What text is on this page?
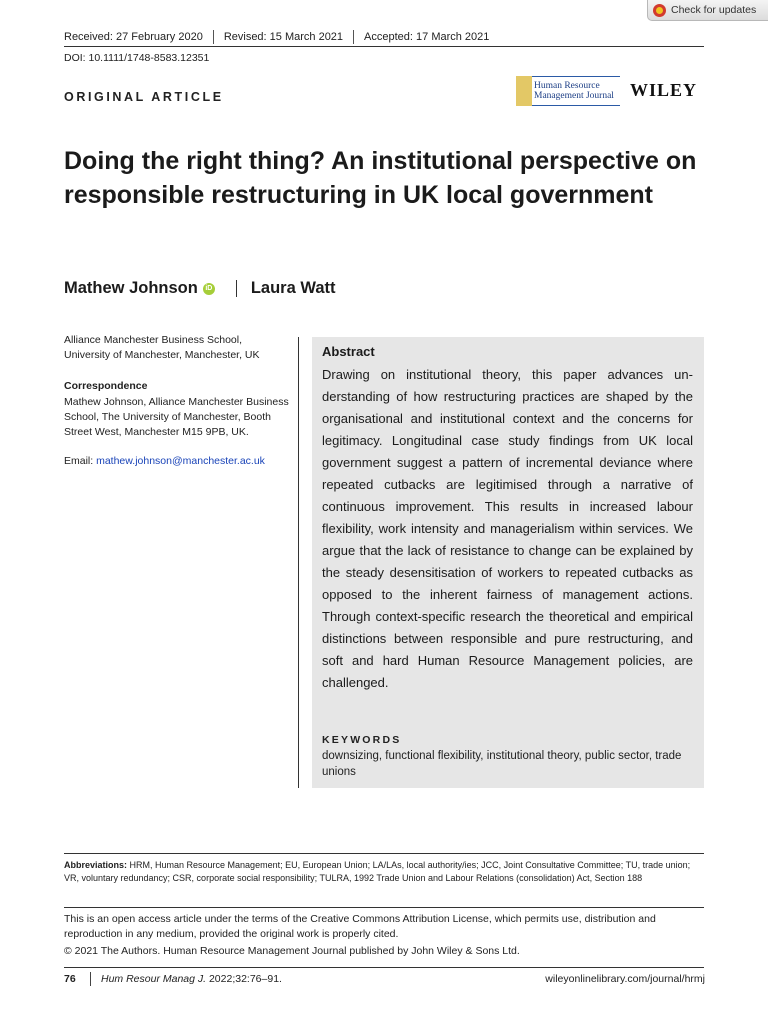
Check for updates
Received: 27 February 2020 Revised: 15 March 2021 Accepted: 17 March 2021
DOI: 10.1111/1748-8583.12351
ORIGINAL ARTICLE
Human Resource
Management Journal WILEY
Doing the right thing? An institutional perspective on responsible restructuring in UK local government
Mathew Johnson	iD Laura Watt
Alliance Manchester Business School, University of Manchester, Manchester, UK
Correspondence
Mathew Johnson, Alliance Manchester Business School, The University of Manchester, Booth Street West, Manchester M15 9PB, UK.
Email: mathew.johnson@manchester.ac.uk
Abstract
Drawing on institutional theory, this paper advances understanding of how restructuring practices are shaped by the organisational and institutional context and the concerns for legitimacy. Longitudinal case study findings from UK local government suggest a pattern of incremental deviance where repeated cutbacks are legitimised through a narrative of continuous improvement. This results in increased labour flexibility, work intensity and managerialism within services. We argue that the lack of resistance to change can be explained by the steady desensitisation of workers to repeated cutbacks as opposed to the inherent fairness of management actions. Through context-specific research the theoretical and empirical distinctions between responsible and pure restructuring, and soft and hard Human Resource Management policies, are challenged.
KEYWORDS
downsizing, functional flexibility, institutional theory, public sector, trade unions
Abbreviations: HRM, Human Resource Management; EU, European Union; LA/LAs, local authority/ies; JCC, Joint Consultative Committee; TU, trade union; VR, voluntary redundancy; CSR, corporate social responsibility; TULRA, 1992 Trade Union and Labour Relations (consolidation) Act, Section 188
This is an open access article under the terms of the Creative Commons Attribution License, which permits use, distribution and reproduction in any medium, provided the original work is properly cited.
© 2021 The Authors. Human Resource Management Journal published by John Wiley & Sons Ltd.
76 Hum Resour Manag J. 2022;32:76–91.	wileyonlinelibrary.com/journal/hrmj
